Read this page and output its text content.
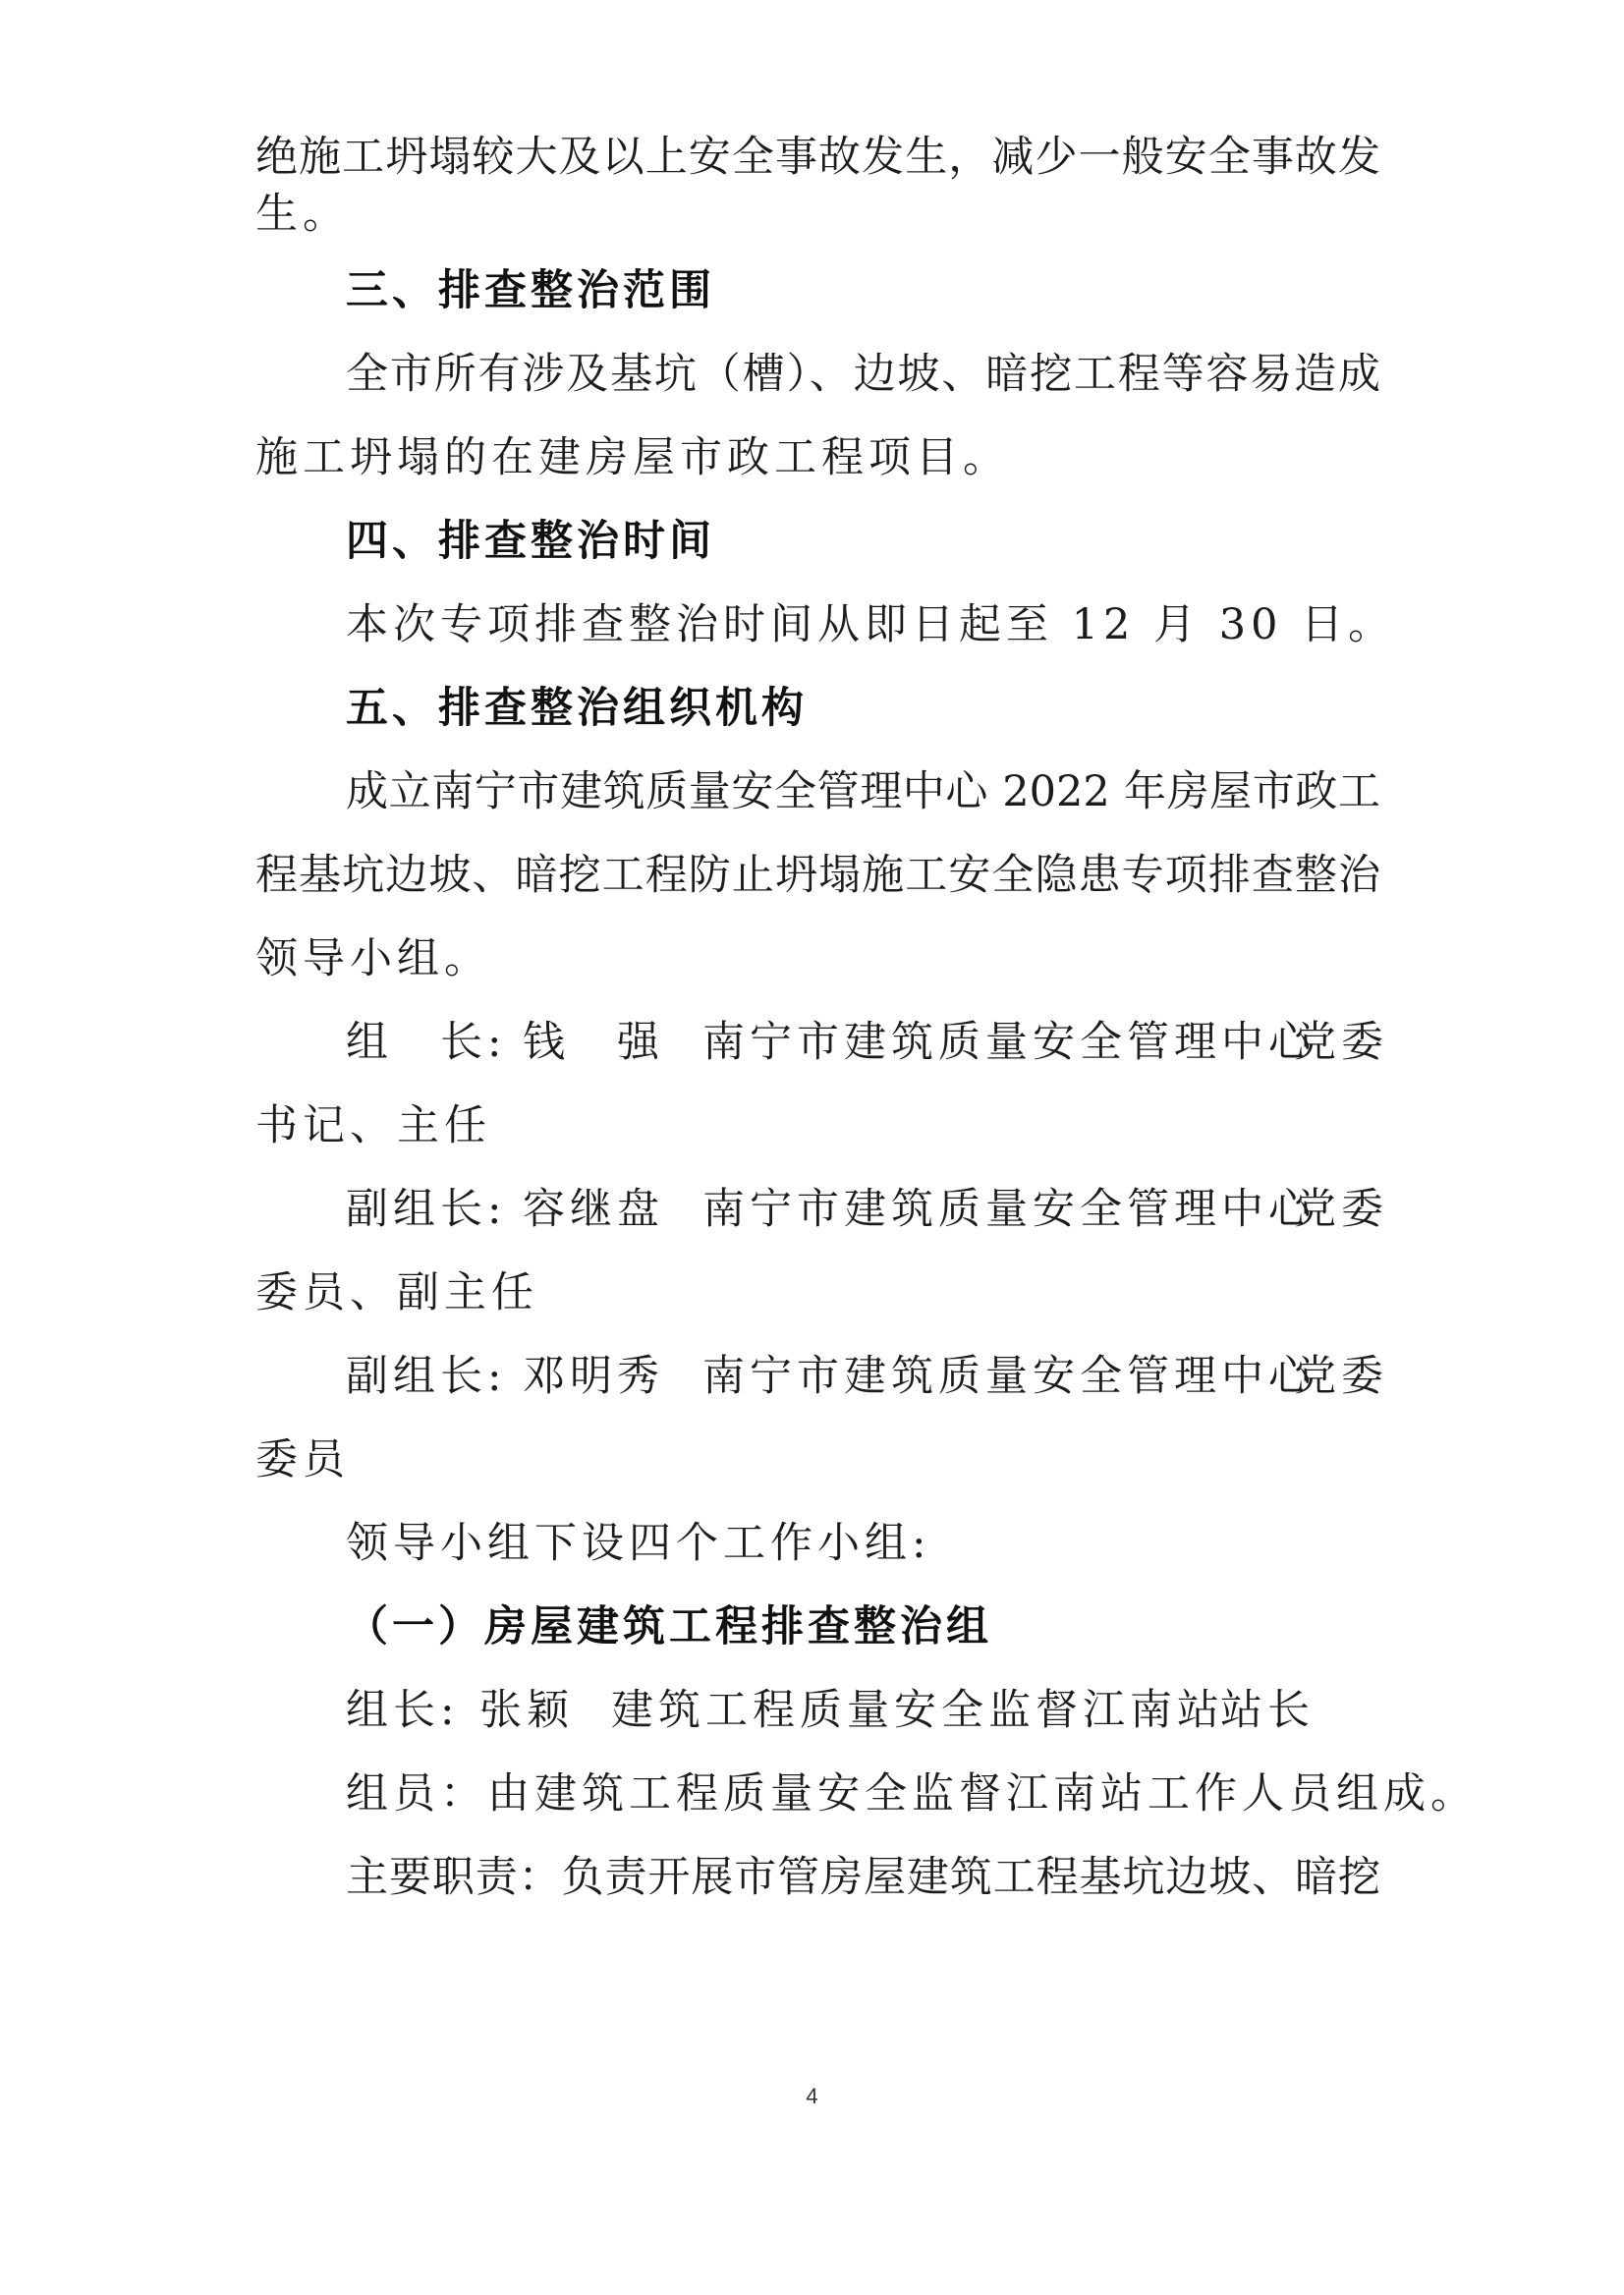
绝施工坍塌较大及以上安全事故发生，减少一般安全事故发
生。
三、排查整治范围
全市所有涉及基坑（槽）、边坡、暗挖工程等容易造成
施工坍塌的在建房屋市政工程项目。
四、排查整治时间
本次专项排查整治时间从即日起至 12 月 30 日。
五、排查整治组织机构
成立南宁市建筑质量安全管理中心 2022 年房屋市政工
程基坑边坡、暗挖工程防止坍塌施工安全隐患专项排查整治
领导小组。
组　长: 钱　强 南宁市建筑质量安全管理中心
党委
书记、主任
副组长: 容继盘 南宁市建筑质量安全管理中心
党委
委员、副主任
副组长: 邓明秀 南宁市建筑质量安全管理中心
党委
委员
领导小组下设四个工作小组:
（一）房屋建筑工程排查整治组
组长: 张颖 建筑工程质量安全监督江南站
站长
组员：由建筑工程质量安全监督江南站工作人员组成。
主要职责：负责开展市管房屋建筑工程基坑边坡、暗挖
4
